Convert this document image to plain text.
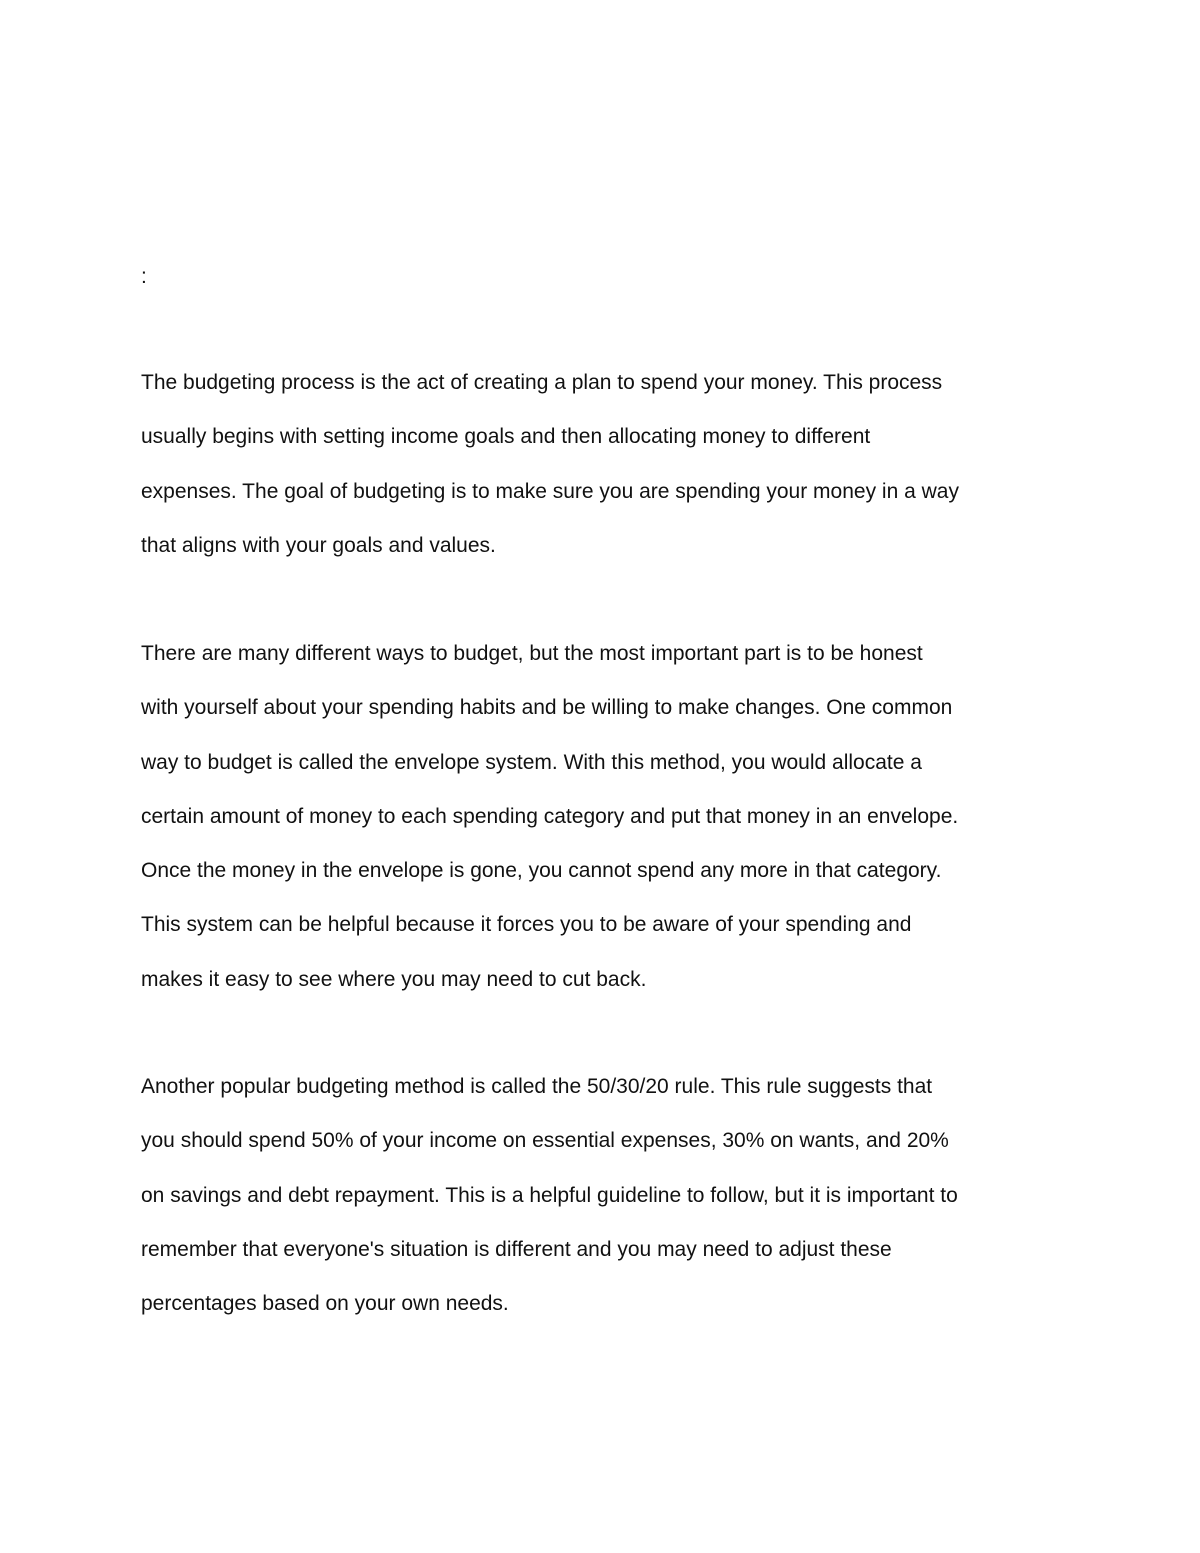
:
The budgeting process is the act of creating a plan to spend your money. This process
usually begins with setting income goals and then allocating money to different
expenses. The goal of budgeting is to make sure you are spending your money in a way
that aligns with your goals and values.
There are many different ways to budget, but the most important part is to be honest
with yourself about your spending habits and be willing to make changes. One common
way to budget is called the envelope system. With this method, you would allocate a
certain amount of money to each spending category and put that money in an envelope.
Once the money in the envelope is gone, you cannot spend any more in that category.
This system can be helpful because it forces you to be aware of your spending and
makes it easy to see where you may need to cut back.
Another popular budgeting method is called the 50/30/20 rule. This rule suggests that
you should spend 50% of your income on essential expenses, 30% on wants, and 20%
on savings and debt repayment. This is a helpful guideline to follow, but it is important to
remember that everyone's situation is different and you may need to adjust these
percentages based on your own needs.
